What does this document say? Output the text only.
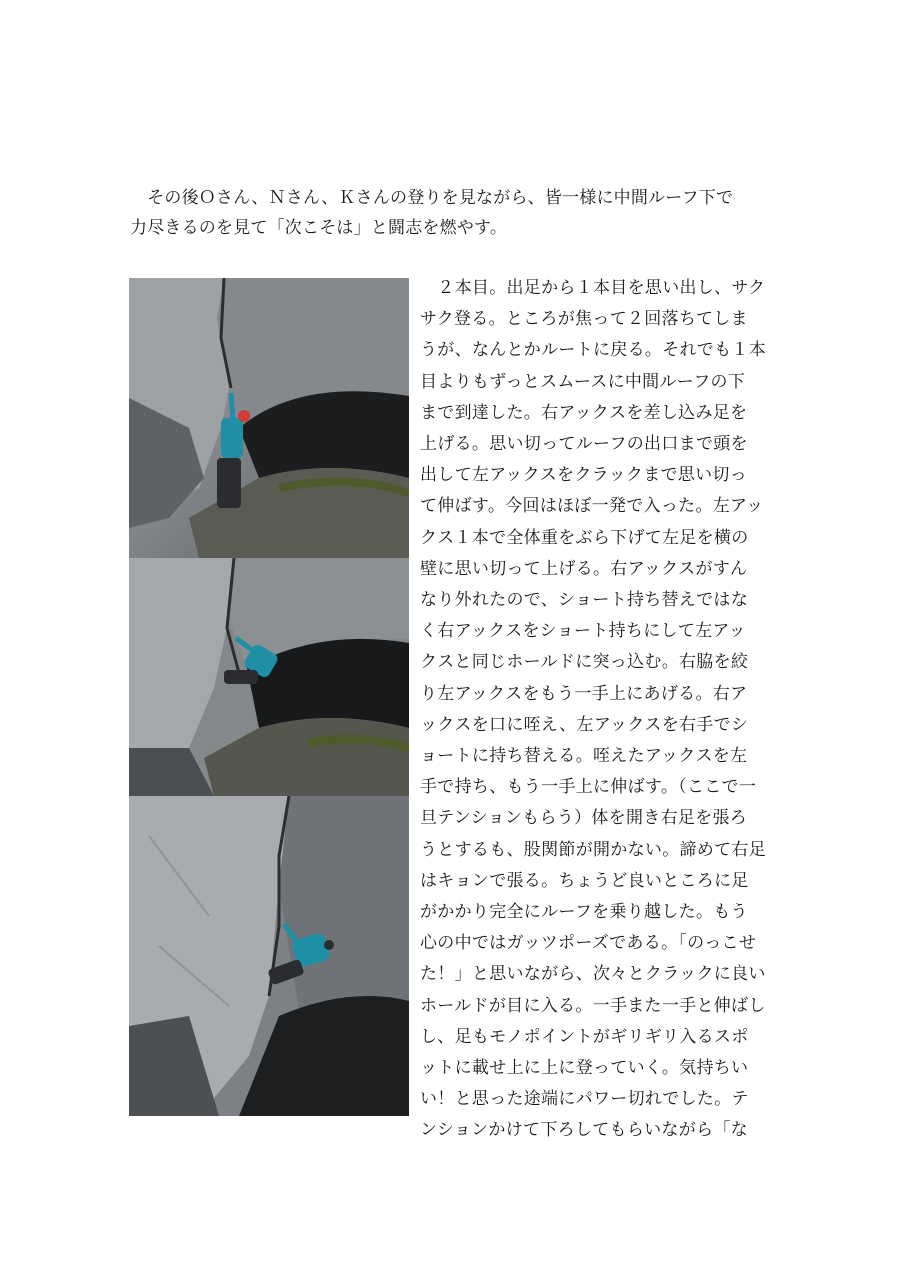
　その後Ｏさん、Ｎさん、Ｋさんの登りを見ながら、皆一様に中間ルーフ下で
力尽きるのを見て「次こそは」と闘志を燃やす。

　２本目。出足から１本目を思い出し、サク
サク登る。ところが焦って２回落ちてしま
うが、なんとかルートに戻る。それでも１本
目よりもずっとスムースに中間ルーフの下
まで到達した。右アックスを差し込み足を
上げる。思い切ってルーフの出口まで頭を
出して左アックスをクラックまで思い切っ
て伸ばす。今回はほぼ一発で入った。左アッ
クス１本で全体重をぶら下げて左足を横の
壁に思い切って上げる。右アックスがすん
なり外れたので、ショート持ち替えではな
く右アックスをショート持ちにして左アッ
クスと同じホールドに突っ込む。右脇を絞
り左アックスをもう一手上にあげる。右ア
ックスを口に咥え、左アックスを右手でシ
ョートに持ち替える。咥えたアックスを左
手で持ち、もう一手上に伸ばす。（ここで一
旦テンションもらう）体を開き右足を張ろ
うとするも、股関節が開かない。諦めて右足
はキョンで張る。ちょうど良いところに足
がかかり完全にルーフを乗り越した。もう
心の中ではガッツポーズである。「のっこせ
た！」と思いながら、次々とクラックに良い
ホールドが目に入る。一手また一手と伸ばし
し、足もモノポイントがギリギリ入るスポ
ットに載せ上に上に登っていく。気持ちい
い！と思った途端にパワー切れでした。テ
ンションかけて下ろしてもらいながら「な
